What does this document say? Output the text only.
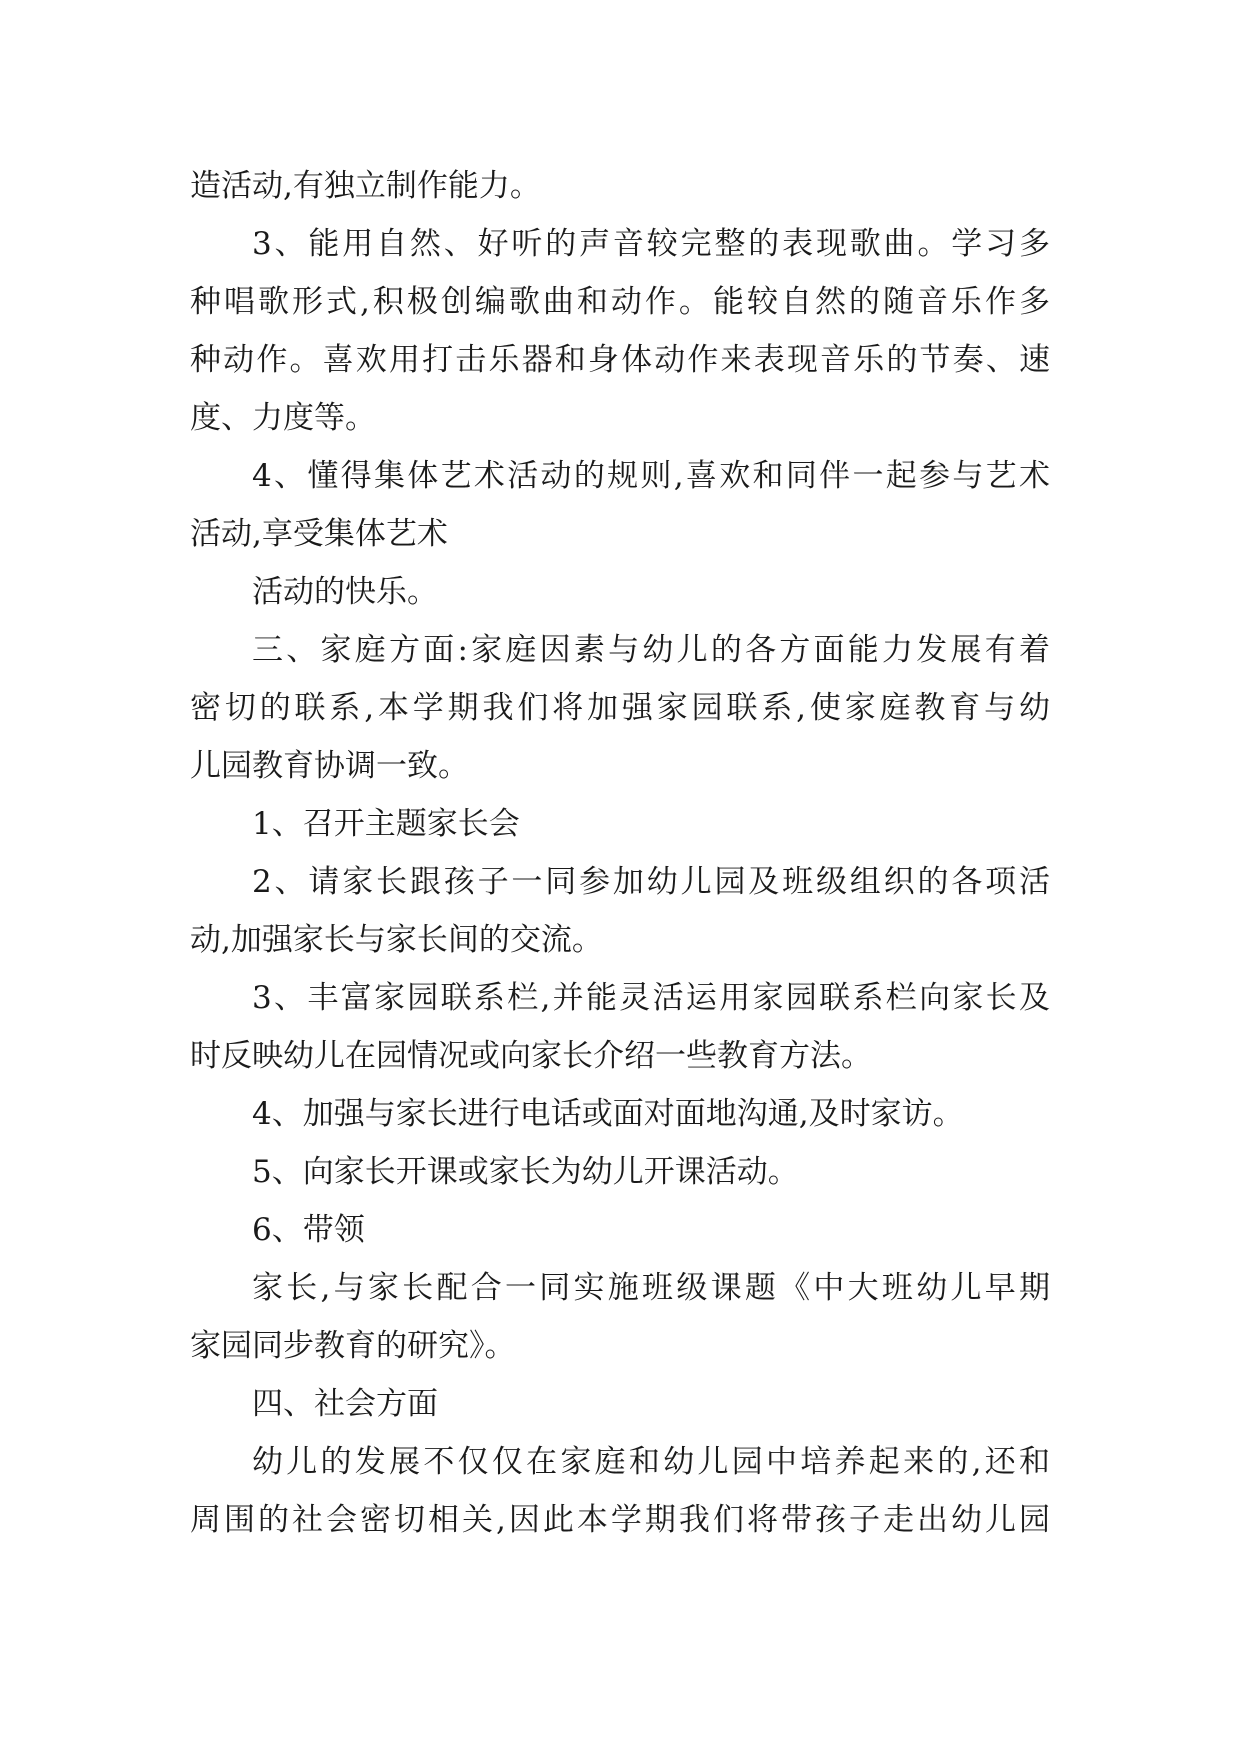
造活动,有独立制作能力。
3、能用自然、好听的声音较完整的表现歌曲。学习多
种唱歌形式,积极创编歌曲和动作。能较自然的随音乐作多
种动作。喜欢用打击乐器和身体动作来表现音乐的节奏、速
度、力度等。
4、懂得集体艺术活动的规则,喜欢和同伴一起参与艺术
活动,享受集体艺术
活动的快乐。
三、家庭方面:家庭因素与幼儿的各方面能力发展有着
密切的联系,本学期我们将加强家园联系,使家庭教育与幼
儿园教育协调一致。
1、召开主题家长会
2、请家长跟孩子一同参加幼儿园及班级组织的各项活
动,加强家长与家长间的交流。
3、丰富家园联系栏,并能灵活运用家园联系栏向家长及
时反映幼儿在园情况或向家长介绍一些教育方法。
4、加强与家长进行电话或面对面地沟通,及时家访。
5、向家长开课或家长为幼儿开课活动。
6、带领
家长,与家长配合一同实施班级课题《中大班幼儿早期
家园同步教育的研究》。
四、社会方面
幼儿的发展不仅仅在家庭和幼儿园中培养起来的,还和
周围的社会密切相关,因此本学期我们将带孩子走出幼儿园
